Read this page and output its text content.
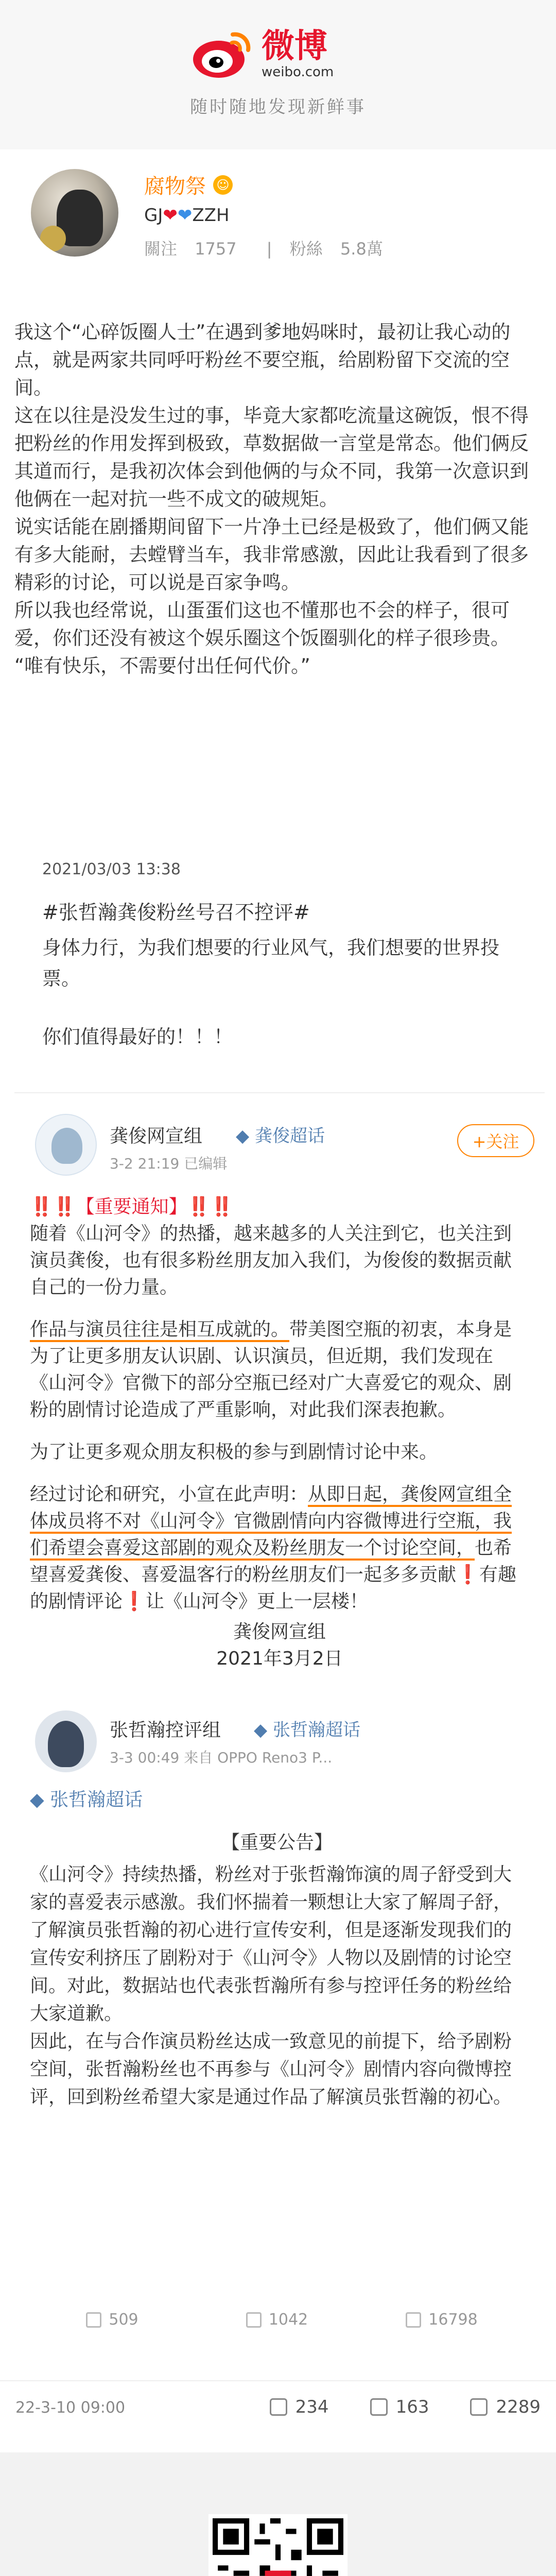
微博
weibo.com
随时随地发现新鲜事
腐物祭 ☺
GJ❤❤ZZH
關注 1757 | 粉絲 5.8萬

我这个“心碎饭圈人士”在遇到爹地妈咪时，最初让我心动的点，就是两家共同呼吁粉丝不要空瓶，给剧粉留下交流的空间。

这在以往是没发生过的事，毕竟大家都吃流量这碗饭，恨不得把粉丝的作用发挥到极致，草数据做一言堂是常态。他们俩反其道而行，是我初次体会到他俩的与众不同，我第一次意识到他俩在一起对抗一些不成文的破规矩。

说实话能在剧播期间留下一片净土已经是极致了，他们俩又能有多大能耐，去螳臂当车，我非常感激，因此让我看到了很多精彩的讨论，可以说是百家争鸣。

所以我也经常说，山蛋蛋们这也不懂那也不会的样子，很可爱，你们还没有被这个娱乐圈这个饭圈驯化的样子很珍贵。

“唯有快乐，不需要付出任何代价。”

2021/03/03 13:38
#张哲瀚龚俊粉丝号召不控评#
身体力行，为我们想要的行业风气，我们想要的世界投票。
你们值得最好的！！！
龚俊网宣组 ◆ 龚俊超话
3-2 21:19 已编辑
+关注

‼️‼️【重要通知】‼️‼️
随着《山河令》的热播，越来越多的人关注到它，也关注到演员龚俊，也有很多粉丝朋友加入我们，为俊俊的数据贡献自己的一份力量。

作品与演员往往是相互成就的。带美图空瓶的初衷，本身是为了让更多朋友认识剧、认识演员，但近期，我们发现在《山河令》官微下的部分空瓶已经对广大喜爱它的观众、剧粉的剧情讨论造成了严重影响，对此我们深表抱歉。

为了让更多观众朋友积极的参与到剧情讨论中来。

经过讨论和研究，小宣在此声明：从即日起，龚俊网宣组全体成员将不对《山河令》官微剧情向内容微博进行空瓶，我们希望会喜爱这部剧的观众及粉丝朋友一个讨论空间，也希望喜爱龚俊、喜爱温客行的粉丝朋友们一起多多贡献❗有趣的剧情评论❗让《山河令》更上一层楼！

龚俊网宣组
2021年3月2日
张哲瀚控评组 ◆ 张哲瀚超话
3-3 00:49 来自 OPPO Reno3 P...
◆ 张哲瀚超话
【重要公告】

《山河令》持续热播，粉丝对于张哲瀚饰演的周子舒受到大家的喜爱表示感激。我们怀揣着一颗想让大家了解周子舒，了解演员张哲瀚的初心进行宣传安利，但是逐渐发现我们的宣传安利挤压了剧粉对于《山河令》人物以及剧情的讨论空间。对此，数据站也代表张哲瀚所有参与控评任务的粉丝给大家道歉。

因此，在与合作演员粉丝达成一致意见的前提下，给予剧粉空间，张哲瀚粉丝也不再参与《山河令》剧情内容向微博控评，回到粉丝希望大家是通过作品了解演员张哲瀚的初心。

509	1042	16798
22-3-10 09:00	234	163	2289
